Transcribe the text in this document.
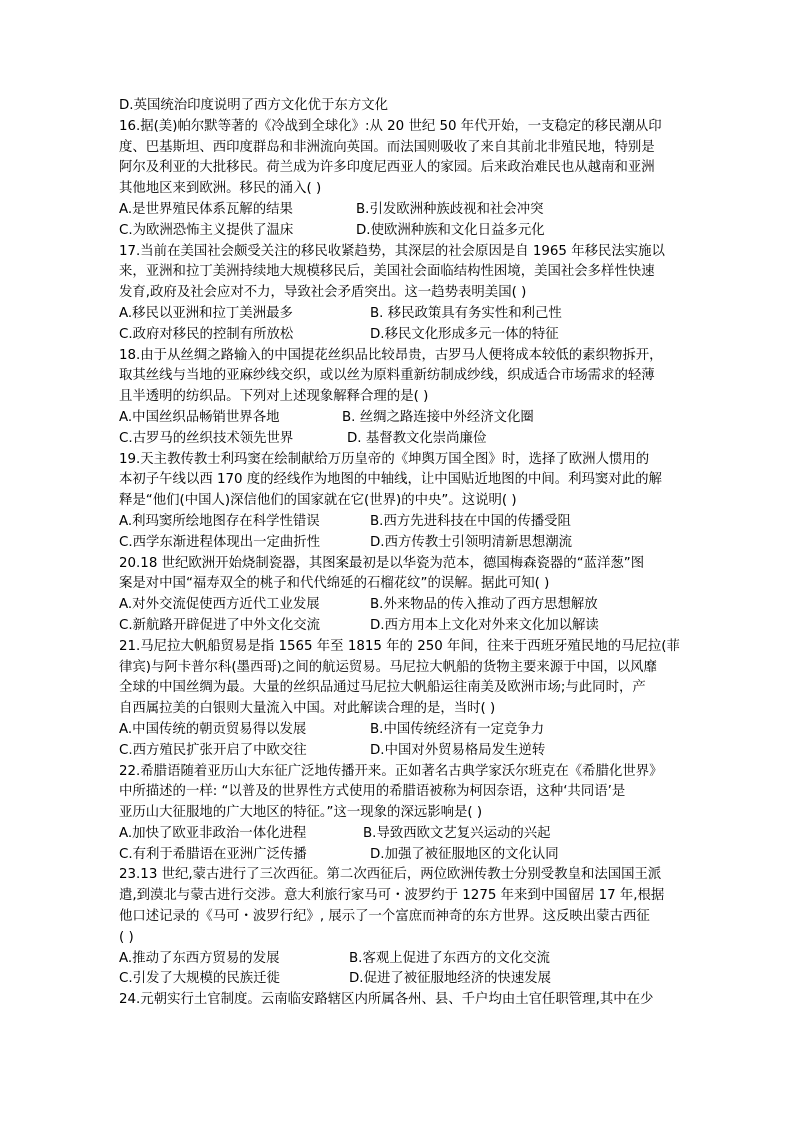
D.英国统治印度说明了西方文化优于东方文化
16.据(美)帕尔默等著的《冷战到全球化》:从 20 世纪 50 年代开始，一支稳定的移民潮从印
度、巴基斯坦、西印度群岛和非洲流向英国。而法国则吸收了来自其前北非殖民地，特别是
阿尔及利亚的大批移民。荷兰成为许多印度尼西亚人的家园。后来政治难民也从越南和亚洲
其他地区来到欧洲。移民的涌入( )
A.是世界殖民体系瓦解的结果	B.引发欧洲种族歧视和社会冲突
C.为欧洲恐怖主义提供了温床	D.使欧洲种族和文化日益多元化
17.当前在美国社会颇受关注的移民收紧趋势，其深层的社会原因是自 1965 年移民法实施以
来，亚洲和拉丁美洲持续地大规模移民后，美国社会面临结构性困境，美国社会多样性快速
发育,政府及社会应对不力，导致社会矛盾突出。这一趋势表明美国( )
A.移民以亚洲和拉丁美洲最多	B. 移民政策具有务实性和利己性
C.政府对移民的控制有所放松	D.移民文化形成多元一体的特征
18.由于从丝绸之路输入的中国提花丝织品比较昂贵，古罗马人便将成本较低的素织物拆开，
取其丝线与当地的亚麻纱线交织，或以丝为原料重新纺制成纱线，织成适合市场需求的轻薄
且半透明的纺织品。下列对上述现象解释合理的是( )
A.中国丝织品畅销世界各地	B. 丝绸之路连接中外经济文化圈
C.古罗马的丝织技术领先世界	D. 基督教文化崇尚廉俭
19.天主教传教士利玛窦在绘制献给万历皇帝的《坤舆万国全图》时，选择了欧洲人惯用的
本初子午线以西 170 度的经线作为地图的中轴线，让中国贴近地图的中间。利玛窦对此的解
释是“他们(中国人)深信他们的国家就在它(世界)的中央”。这说明( )
A.利玛窦所绘地图存在科学性错误	B.西方先进科技在中国的传播受阻
C.西学东渐进程体现出一定曲折性	D.西方传教士引领明清新思想潮流
20.18 世纪欧洲开始烧制瓷器，其图案最初是以华瓷为范本，德国梅森瓷器的“蓝洋葱”图
案是对中国“福寿双全的桃子和代代绵延的石榴花纹”的误解。据此可知( )
A.对外交流促使西方近代工业发展	B.外来物品的传入推动了西方思想解放
C.新航路开辟促进了中外文化交流	D.西方用本上文化对外来文化加以解读
21.马尼拉大帆船贸易是指 1565 年至 1815 年的 250 年间，往来于西班牙殖民地的马尼拉(菲
律宾)与阿卡普尔科(墨西哥)之间的航运贸易。马尼拉大帆船的货物主要来源于中国，以风靡
全球的中国丝绸为最。大量的丝织品通过马尼拉大帆船运往南美及欧洲市场;与此同时，产
自西属拉美的白银则大量流入中国。对此解读合理的是，当时( )
A.中国传统的朝贡贸易得以发展	B.中国传统经济有一定竞争力
C.西方殖民扩张开启了中欧交往	D.中国对外贸易格局发生逆转
22.希腊语随着亚历山大东征广泛地传播开来。正如著名古典学家沃尔班克在《希腊化世界》
中所描述的一样: “以普及的世界性方式使用的希腊语被称为柯因奈语，这种‘共同语’是
亚历山大征服地的广大地区的特征。”这一现象的深远影响是( )
A.加快了欧亚非政治一体化进程	B.导致西欧文艺复兴运动的兴起
C.有利于希腊语在亚洲广泛传播	D.加强了被征服地区的文化认同
23.13 世纪,蒙古进行了三次西征。第二次西征后，两位欧洲传教士分别受教皇和法国国王派
遣,到漠北与蒙古进行交涉。意大利旅行家马可・波罗约于 1275 年来到中国留居 17 年,根据
他口述记录的《马可・波罗行纪》, 展示了一个富庶而神奇的东方世界。这反映出蒙古西征
( )
A.推动了东西方贸易的发展	B.客观上促进了东西方的文化交流
C.引发了大规模的民族迁徙	D.促进了被征服地经济的快速发展
24.元朝实行土官制度。云南临安路辖区内所属各州、县、千户均由土官任职管理,其中在少
